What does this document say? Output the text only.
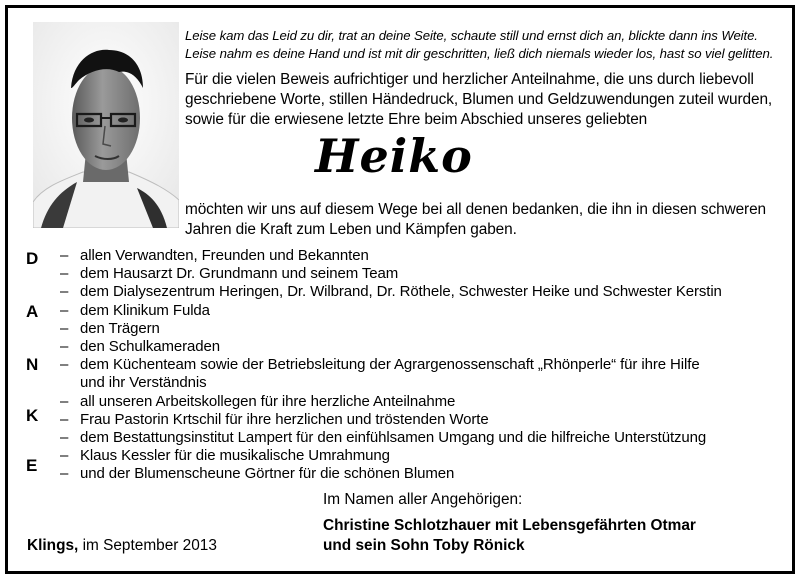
Leise kam das Leid zu dir, trat an deine Seite, schaute still und ernst dich an, blickte dann ins Weite.
Leise nahm es deine Hand und ist mit dir geschritten, ließ dich niemals wieder los, hast so viel gelitten.
Für die vielen Beweis aufrichtiger und herzlicher Anteilnahme, die uns durch liebevoll
geschriebene Worte, stillen Händedruck, Blumen und Geldzuwendungen zuteil wurden,
sowie für die erwiesene letzte Ehre beim Abschied unseres geliebten
Heiko
möchten wir uns auf diesem Wege bei all denen bedanken, die ihn in diesen schweren
Jahren die Kraft zum Leben und Kämpfen gaben.
D
A
N
K
E
– allen Verwandten, Freunden und Bekannten
– dem Hausarzt Dr. Grundmann und seinem Team
– dem Dialysezentrum Heringen, Dr. Wilbrand, Dr. Röthele, Schwester Heike und Schwester Kerstin
– dem Klinikum Fulda
– den Trägern
– den Schulkameraden
– dem Küchenteam sowie der Betriebsleitung der Agrargenossenschaft „Rhönperle“ für ihre Hilfe
und ihr Verständnis
– all unseren Arbeitskollegen für ihre herzliche Anteilnahme
– Frau Pastorin Krtschil für ihre herzlichen und tröstenden Worte
– dem Bestattungsinstitut Lampert für den einfühlsamen Umgang und die hilfreiche Unterstützung
– Klaus Kessler für die musikalische Umrahmung
– und der Blumenscheune Görtner für die schönen Blumen
Im Namen aller Angehörigen:
Christine Schlotzhauer mit Lebensgefährten Otmar
und sein Sohn Toby Rönick
Klings, im September 2013
